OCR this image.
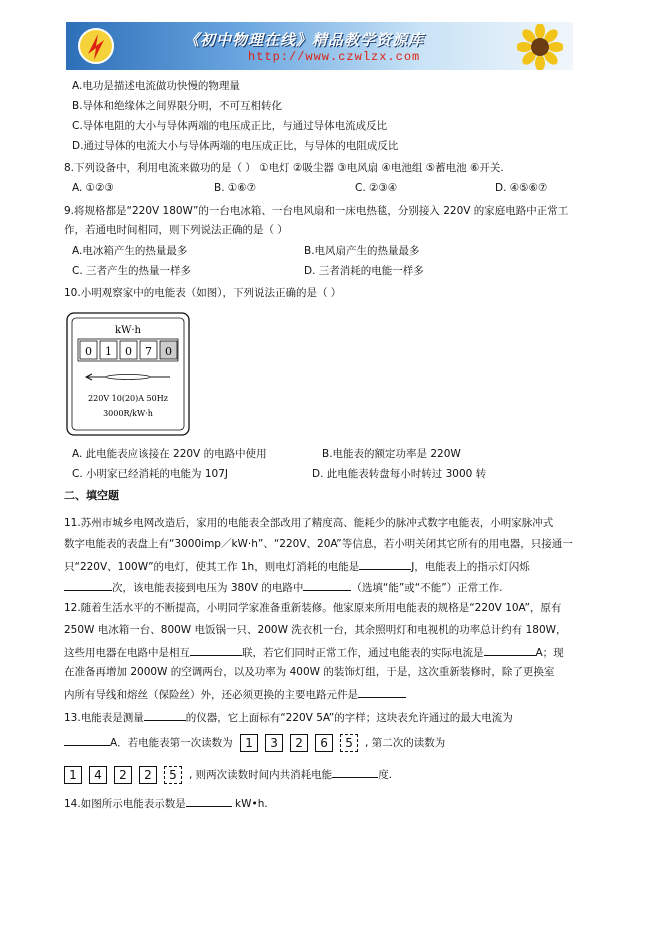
《初中物理在线》精品教学资源库
http://www.czwlzx.com
A.电功是描述电流做功快慢的物理量
B.导体和绝缘体之间界限分明，不可互相转化
C.导体电阻的大小与导体两端的电压成正比，与通过导体电流成反比
D.通过导体的电流大小与导体两端的电压成正比，与导体的电阻成反比
8.下列设备中，利用电流来做功的是（ ） ①电灯 ②吸尘器 ③电风扇 ④电池组 ⑤蓄电池 ⑥开关.
A. ①②③	B. ①⑥⑦	C. ②③④	D. ④⑤⑥⑦
9.将规格都是“220V 180W”的一台电冰箱、一台电风扇和一床电热毯，分别接入 220V 的家庭电路中正常工
作，若通电时间相同，则下列说法正确的是（ ）
A.电冰箱产生的热量最多	B.电风扇产生的热量最多
C. 三者产生的热量一样多	D. 三者消耗的电能一样多
10.小明观察家中的电能表（如图），下列说法正确的是（ ）
kW·h
0 1 0 7 0
220V 10(20)A 50Hz
3000R/kW·h
A. 此电能表应该接在 220V 的电路中使用	B.电能表的额定功率是 220W
C. 小明家已经消耗的电能为 107J	D. 此电能表转盘每小时转过 3000 转
二、填空题
11.苏州市城乡电网改造后，家用的电能表全部改用了精度高、能耗少的脉冲式数字电能表，小明家脉冲式
数字电能表的表盘上有“3000imp／kW·h”、“220V、20A”等信息，若小明关闭其它所有的用电器，只接通一
只“220V、100W”的电灯，使其工作 1h，则电灯消耗的电能是	J，电能表上的指示灯闪烁
次，该电能表接到电压为 380V 的电路中	（选填“能”或“不能”）正常工作.
12.随着生活水平的不断提高，小明同学家准备重新装修。他家原来所用电能表的规格是“220V 10A”，原有
250W 电冰箱一台、800W 电饭锅一只、200W 洗衣机一台，其余照明灯和电视机的功率总计约有 180W，
这些用电器在电路中是相互	联，若它们同时正常工作，通过电能表的实际电流是	A；现
在准备再增加 2000W 的空调两台，以及功率为 400W 的装饰灯组，于是，这次重新装修时，除了更换室
内所有导线和熔丝（保险丝）外，还必须更换的主要电路元件是
13.电能表是测量	的仪器，它上面标有“220V 5A”的字样；这块表允许通过的最大电流为
A．若电能表第一次读数为 1 3 2 6 5 , 第二次的读数为
1 4 2 2 5 , 则两次读数时间内共消耗电能	度.
14.如图所示电能表示数是	kW•h.
